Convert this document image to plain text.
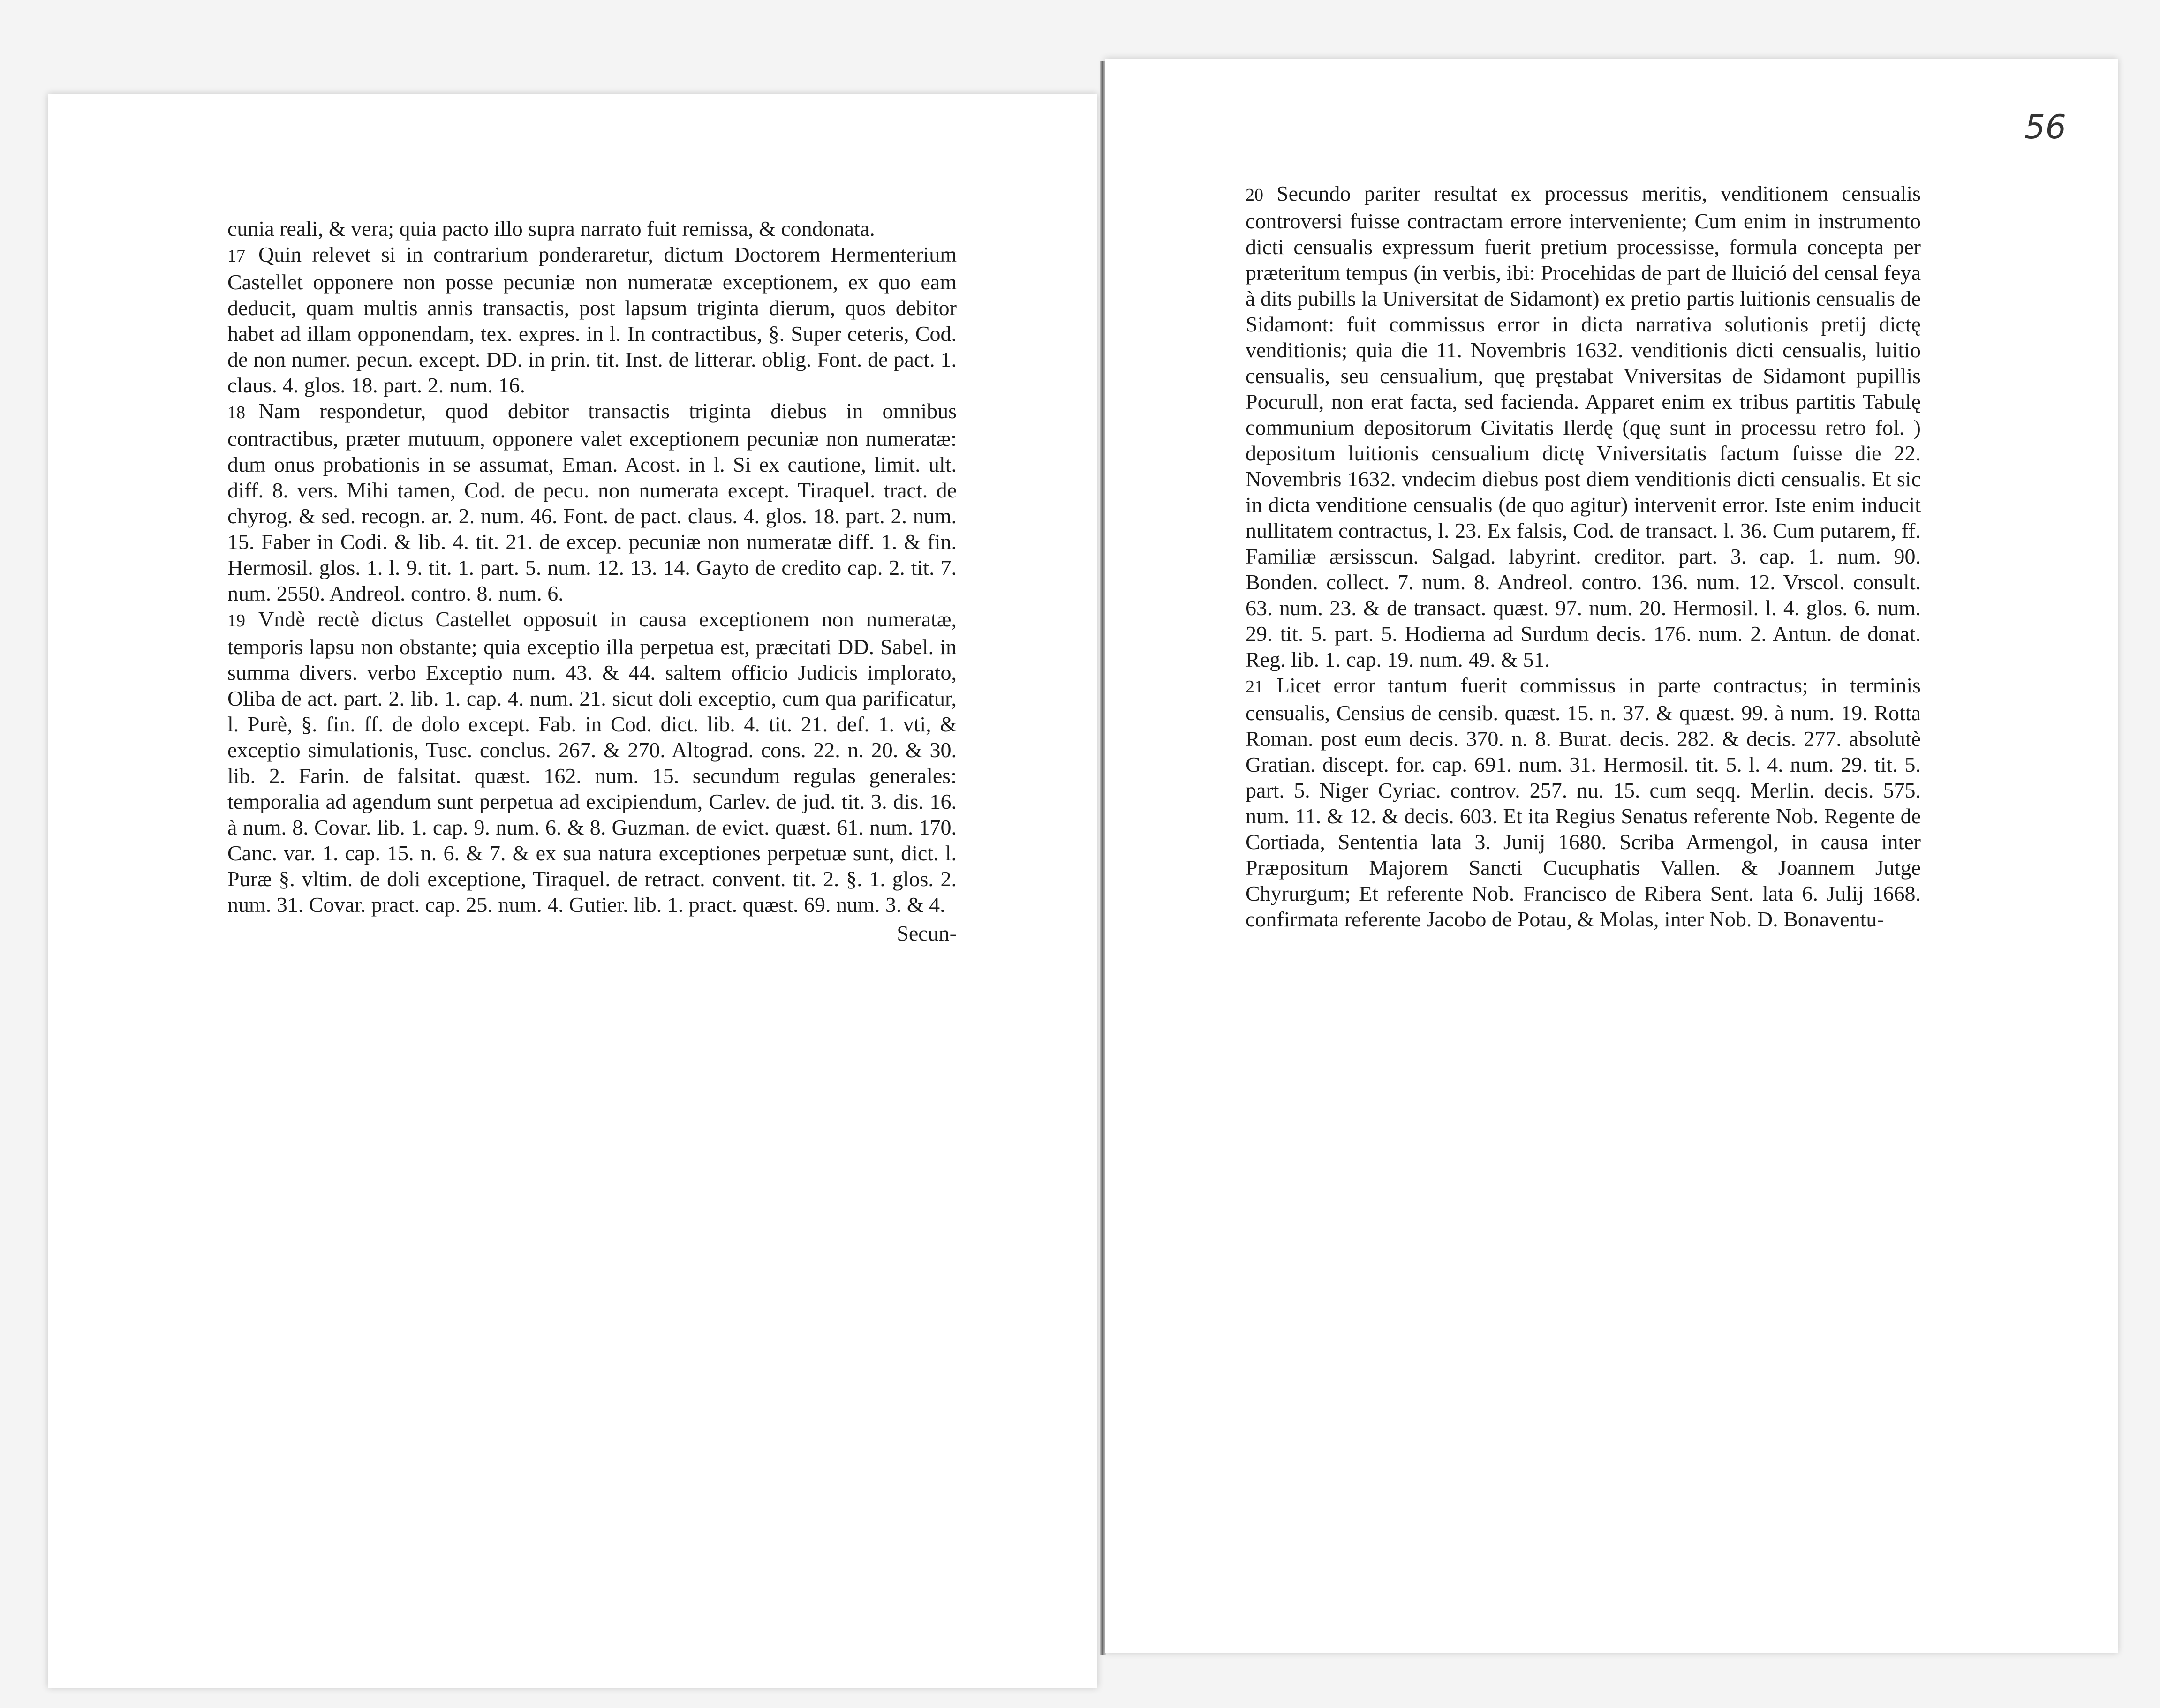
cunia reali, & vera; quia pacto illo supra narrato fuit remissa, & condonata.

17 Quin relevet si in contrarium ponderaretur, dictum Doctorem Hermenterium Castellet opponere non posse pecuniæ non numeratæ exceptionem, ex quo eam deducit, quam multis annis transactis, post lapsum triginta dierum, quos debitor habet ad illam opponendam, tex. expres. in l. In contractibus, §. Super ceteris, Cod. de non numer. pecun. except. DD. in prin. tit. Inst. de litterar. oblig. Font. de pact. 1. claus. 4. glos. 18. part. 2. num. 16.

18 Nam respondetur, quod debitor transactis triginta diebus in omnibus contractibus, præter mutuum, opponere valet exceptionem pecuniæ non numeratæ: dum onus probationis in se assumat, Eman. Acost. in l. Si ex cautione, limit. ult. diff. 8. vers. Mihi tamen, Cod. de pecu. non numerata except. Tiraquel. tract. de chyrog. & sed. recogn. ar. 2. num. 46. Font. de pact. claus. 4. glos. 18. part. 2. num. 15. Faber in Codi. & lib. 4. tit. 21. de excep. pecuniæ non numeratæ diff. 1. & fin. Hermosil. glos. 1. l. 9. tit. 1. part. 5. num. 12. 13. 14. Gayto de credito cap. 2. tit. 7. num. 2550. Andreol. contro. 8. num. 6.

19 Vndè rectè dictus Castellet opposuit in causa exceptionem non numeratæ, temporis lapsu non obstante; quia exceptio illa perpetua est, præcitati DD. Sabel. in summa divers. verbo Exceptio num. 43. & 44. saltem officio Judicis implorato, Oliba de act. part. 2. lib. 1. cap. 4. num. 21. sicut doli exceptio, cum qua parificatur, l. Purè, §. fin. ff. de dolo except. Fab. in Cod. dict. lib. 4. tit. 21. def. 1. vti, & exceptio simulationis, Tusc. conclus. 267. & 270. Altograd. cons. 22. n. 20. & 30. lib. 2. Farin. de falsitat. quæst. 162. num. 15. secundum regulas generales: temporalia ad agendum sunt perpetua ad excipiendum, Carlev. de jud. tit. 3. dis. 16. à num. 8. Covar. lib. 1. cap. 9. num. 6. & 8. Guzman. de evict. quæst. 61. num. 170. Canc. var. 1. cap. 15. n. 6. & 7. & ex sua natura exceptiones perpetuæ sunt, dict. l. Puræ §. vltim. de doli exceptione, Tiraquel. de retract. convent. tit. 2. §. 1. glos. 2. num. 31. Covar. pract. cap. 25. num. 4. Gutier. lib. 1. pract. quæst. 69. num. 3. & 4.

Secun-
56

20 Secundo pariter resultat ex processus meritis, venditionem censualis controversi fuisse contractam errore interveniente; Cum enim in instrumento dicti censualis expressum fuerit pretium processisse, formula concepta per præteritum tempus (in verbis, ibi: Procehidas de part de lluició del censal feya à dits pubills la Universitat de Sidamont) ex pretio partis luitionis censualis de Sidamont: fuit commissus error in dicta narrativa solutionis pretij dictę venditionis; quia die 11. Novembris 1632. venditionis dicti censualis, luitio censualis, seu censualium, quę pręstabat Vniversitas de Sidamont pupillis Pocurull, non erat facta, sed facienda. Apparet enim ex tribus partitis Tabulę communium depositorum Civitatis Ilerdę (quę sunt in processu retro fol. ) depositum luitionis censualium dictę Vniversitatis factum fuisse die 22. Novembris 1632. vndecim diebus post diem venditionis dicti censualis. Et sic in dicta venditione censualis (de quo agitur) intervenit error. Iste enim inducit nullitatem contractus, l. 23. Ex falsis, Cod. de transact. l. 36. Cum putarem, ff. Familiæ ærsisscun. Salgad. labyrint. creditor. part. 3. cap. 1. num. 90. Bonden. collect. 7. num. 8. Andreol. contro. 136. num. 12. Vrscol. consult. 63. num. 23. & de transact. quæst. 97. num. 20. Hermosil. l. 4. glos. 6. num. 29. tit. 5. part. 5. Hodierna ad Surdum decis. 176. num. 2. Antun. de donat. Reg. lib. 1. cap. 19. num. 49. & 51.

21 Licet error tantum fuerit commissus in parte contractus; in terminis censualis, Censius de censib. quæst. 15. n. 37. & quæst. 99. à num. 19. Rotta Roman. post eum decis. 370. n. 8. Burat. decis. 282. & decis. 277. absolutè Gratian. discept. for. cap. 691. num. 31. Hermosil. tit. 5. l. 4. num. 29. tit. 5. part. 5. Niger Cyriac. controv. 257. nu. 15. cum seqq. Merlin. decis. 575. num. 11. & 12. & decis. 603. Et ita Regius Senatus referente Nob. Regente de Cortiada, Sententia lata 3. Junij 1680. Scriba Armengol, in causa inter Præpositum Majorem Sancti Cucuphatis Vallen. & Joannem Jutge Chyrurgum; Et referente Nob. Francisco de Ribera Sent. lata 6. Julij 1668. confirmata referente Jacobo de Potau, & Molas, inter Nob. D. Bonaventu-
